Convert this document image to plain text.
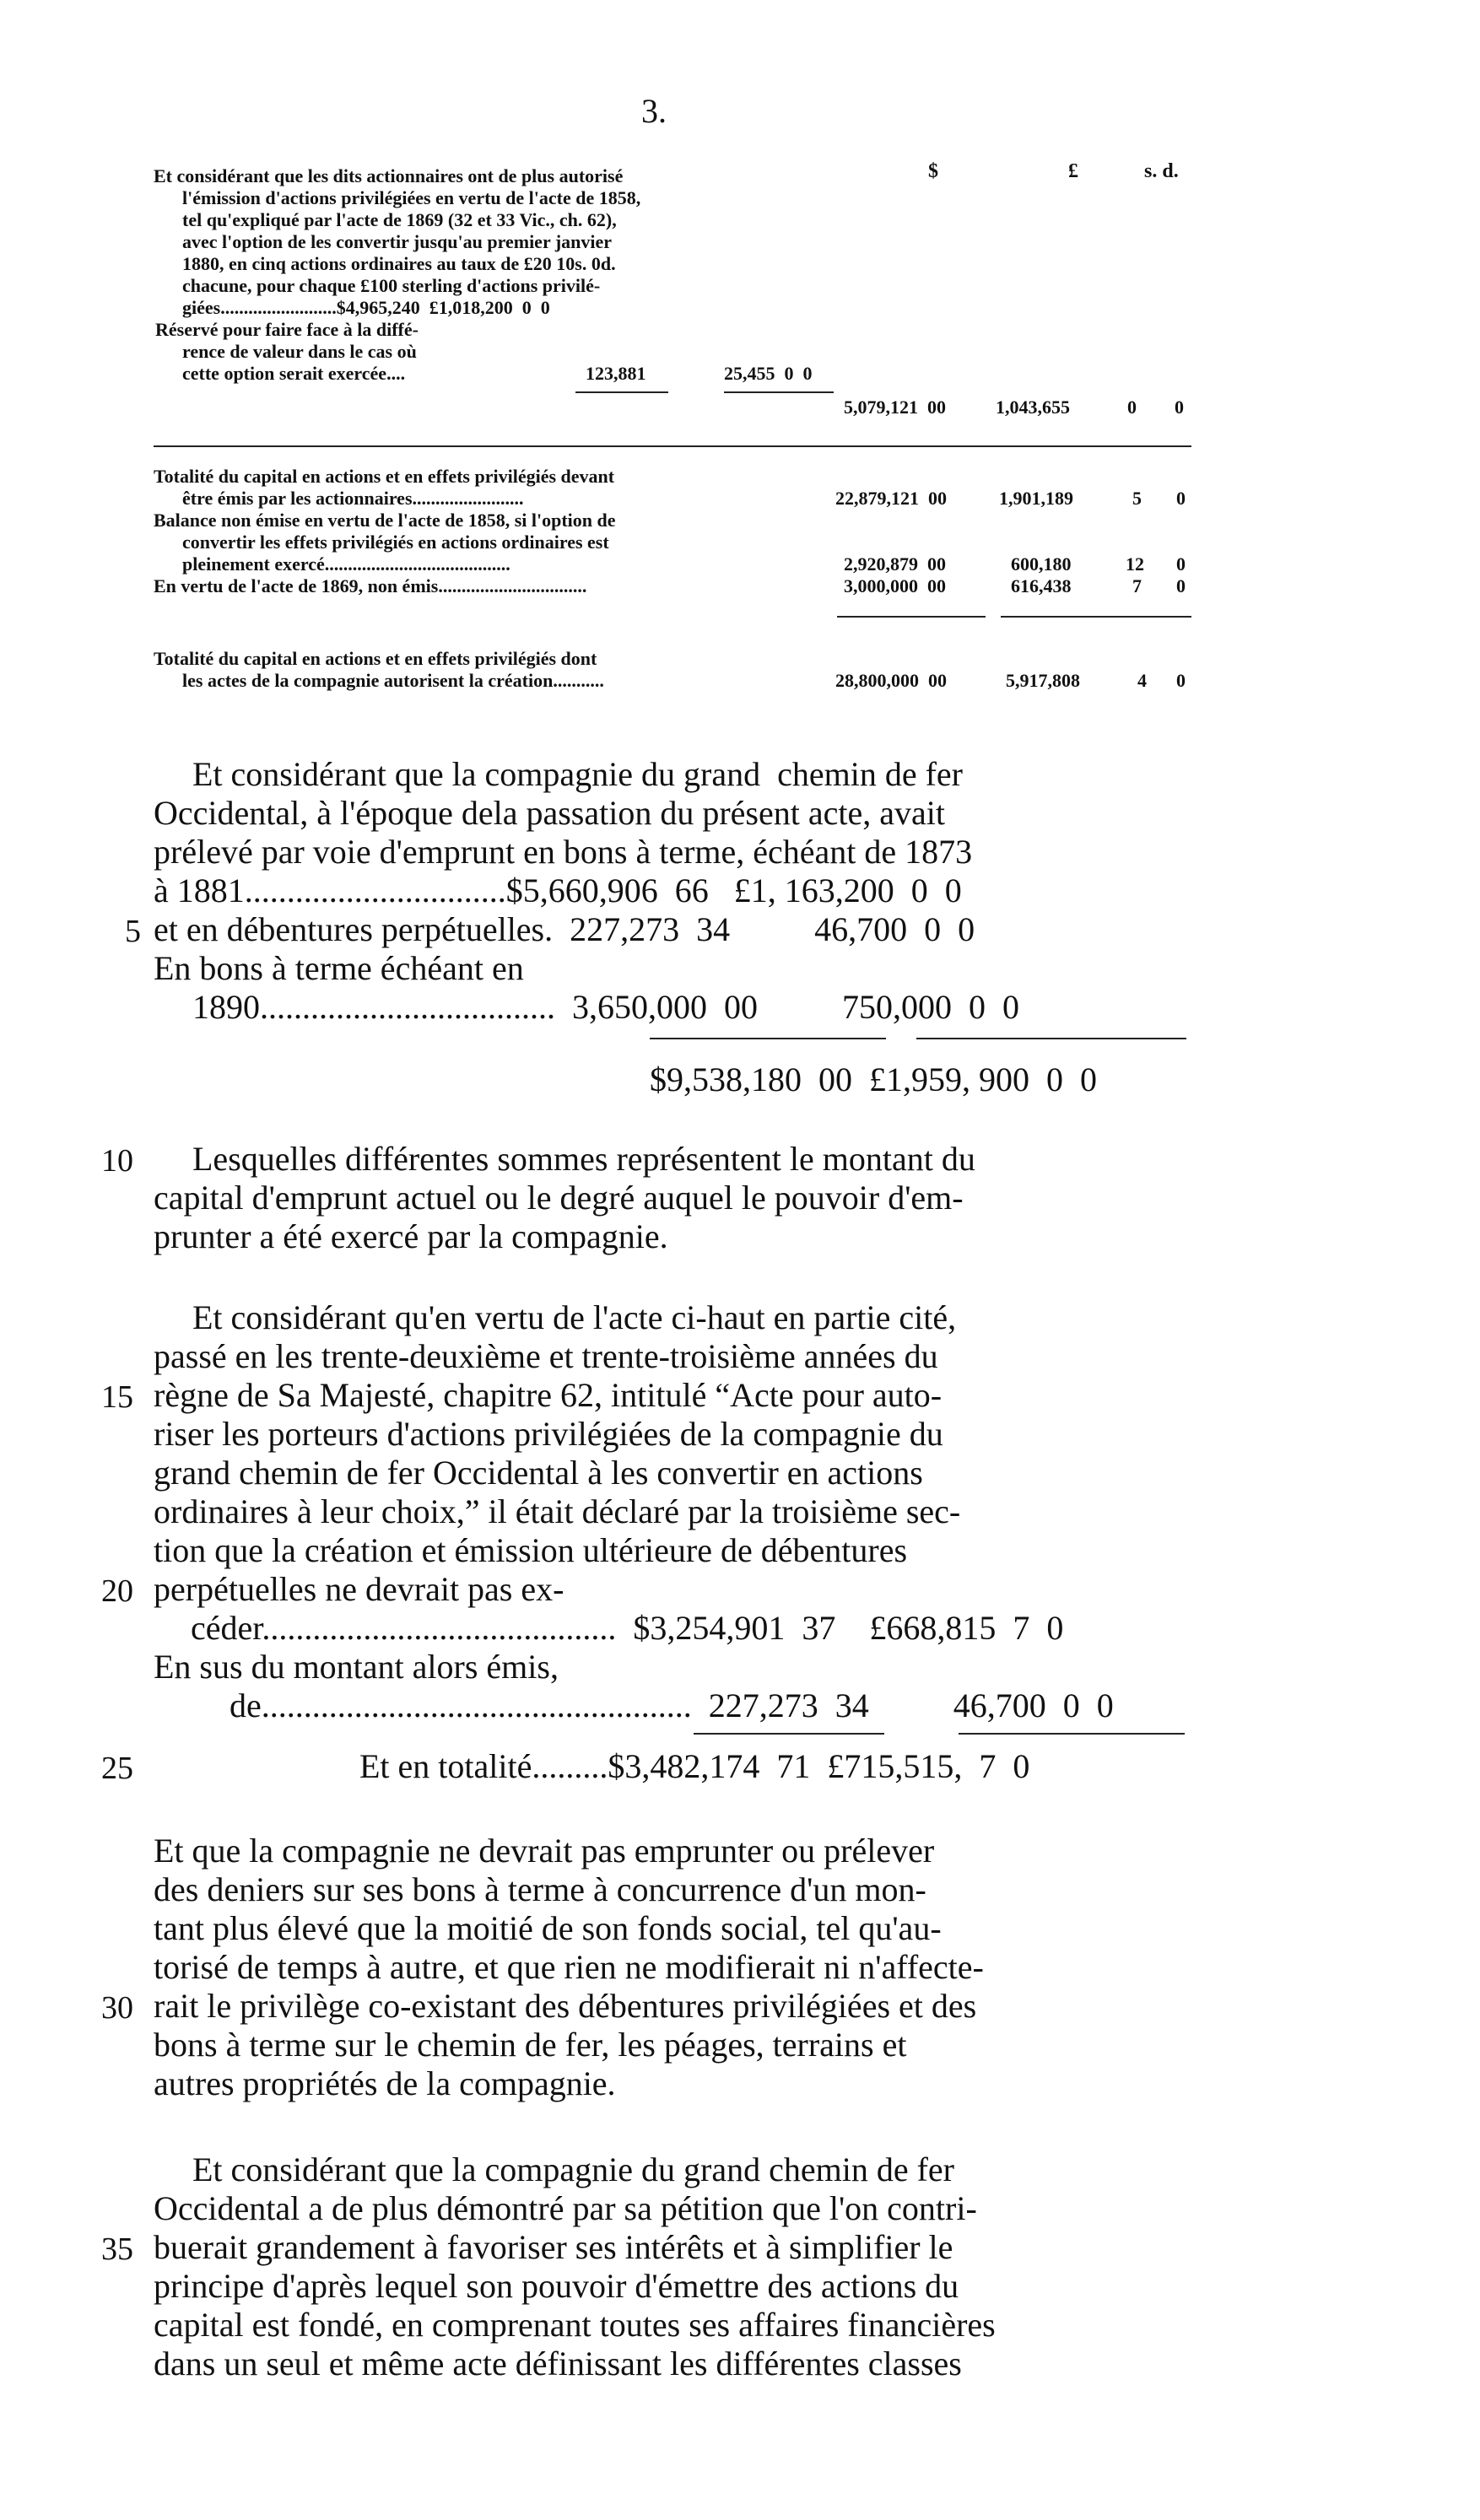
3.
$	£	s. d.
Et considérant que les dits actionnaires ont de plus autorisé
l'émission d'actions privilégiées en vertu de l'acte de 1858,
tel qu'expliqué par l'acte de 1869 (32 et 33 Vic., ch. 62),
avec l'option de les convertir jusqu'au premier janvier
1880, en cinq actions ordinaires au taux de £20 10s. 0d.
chacune, pour chaque £100 sterling d'actions privilé-
giées.........................$4,965,240  £1,018,200  0  0
Réservé pour faire face à la diffé-
rence de valeur dans le cas où
cette option serait exercée....	123,881	25,455  0  0
5,079,121  00	1,043,655	0 0
Totalité du capital en actions et en effets privilégiés devant
être émis par les actionnaires........................	22,879,121  00	1,901,189	5 0
Balance non émise en vertu de l'acte de 1858, si l'option de
convertir les effets privilégiés en actions ordinaires est
pleinement exercé........................................	2,920,879  00	600,180	12 0
En vertu de l'acte de 1869, non émis................................	3,000,000  00	616,438	7 0
Totalité du capital en actions et en effets privilégiés dont
les actes de la compagnie autorisent la création...........	28,800,000  00	5,917,808	4 0
Et considérant que la compagnie du grand  chemin de fer
Occidental, à l'époque dela passation du présent acte, avait
prélevé par voie d'emprunt en bons à terme, échéant de 1873
à 1881...............................$5,660,906  66   £1, 163,200  0  0
et en débentures perpétuelles.  227,273  34          46,700  0  0
En bons à terme échéant en
1890...................................  3,650,000  00          750,000  0  0
$9,538,180  00  £1,959, 900  0  0
Lesquelles différentes sommes représentent le montant du
capital d'emprunt actuel ou le degré auquel le pouvoir d'em-
prunter a été exercé par la compagnie.
Et considérant qu'en vertu de l'acte ci-haut en partie cité,
passé en les trente-deuxième et trente-troisième années du
règne de Sa Majesté, chapitre 62, intitulé “Acte pour auto-
riser les porteurs d'actions privilégiées de la compagnie du
grand chemin de fer Occidental à les convertir en actions
ordinaires à leur choix,” il était déclaré par la troisième sec-
tion que la création et émission ultérieure de débentures
perpétuelles ne devrait pas ex-
céder..........................................  $3,254,901  37    £668,815  7  0
En sus du montant alors émis,
de...................................................  227,273  34          46,700  0  0
Et en totalité.........$3,482,174  71  £715,515,  7  0
Et que la compagnie ne devrait pas emprunter ou prélever
des deniers sur ses bons à terme à concurrence d'un mon-
tant plus élevé que la moitié de son fonds social, tel qu'au-
torisé de temps à autre, et que rien ne modifierait ni n'affecte-
rait le privilège co-existant des débentures privilégiées et des
bons à terme sur le chemin de fer, les péages, terrains et
autres propriétés de la compagnie.
Et considérant que la compagnie du grand chemin de fer
Occidental a de plus démontré par sa pétition que l'on contri-
buerait grandement à favoriser ses intérêts et à simplifier le
principe d'après lequel son pouvoir d'émettre des actions du
capital est fondé, en comprenant toutes ses affaires financières
dans un seul et même acte définissant les différentes classes
5
10
15
20
25
30
35
